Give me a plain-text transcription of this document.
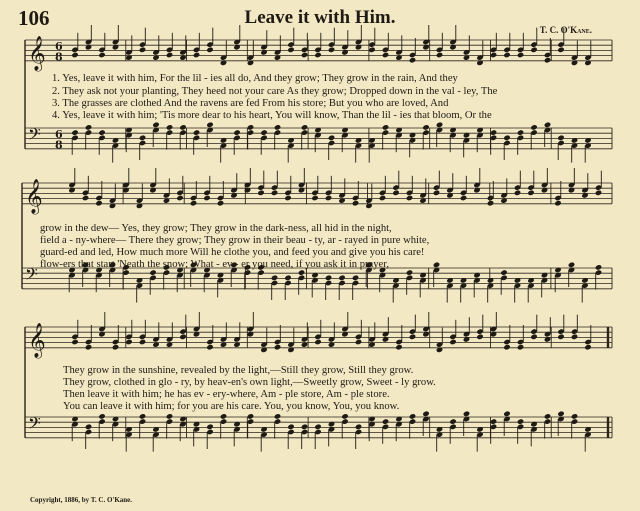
106	Leave it with Him.
T. C. O'Kane.
𝄞
𝄢
6
8
6
8
𝄞
𝄢
𝄞
𝄢
1. Yes, leave it with him, For the lil - ies all do, And they grow; They grow in the rain, And they
2. They ask not your planting, They heed not your care As they grow; Dropped down in the val - ley, The
3. The grasses are clothed And the ravens are fed From his store; But you who are loved, And
4. Yes, leave it with him; 'Tis more dear to his heart, You will know, Than the lil - ies that bloom, Or the
grow in the dew— Yes, they grow; They grow in the dark-ness, all hid in the night,
field a - ny-where— There they grow; They grow in their beau - ty, ar - rayed in pure white,
guard-ed and led, How much more Will he clothe you, and feed you and give you his care!
flow-ers that start 'Neath the snow; What - ev - er you need, if you ask it in prayer,
They grow in the sunshine, revealed by the light,—Still they grow, Still they grow.
They grow, clothed in glo - ry, by heav-en's own light,—Sweetly grow, Sweet - ly grow.
Then leave it with him; he has ev - ery-where, Am - ple store, Am - ple store.
You can leave it with him; for you are his care. You, you know, You, you know.
Copyright, 1886, by T. C. O'Kane.
